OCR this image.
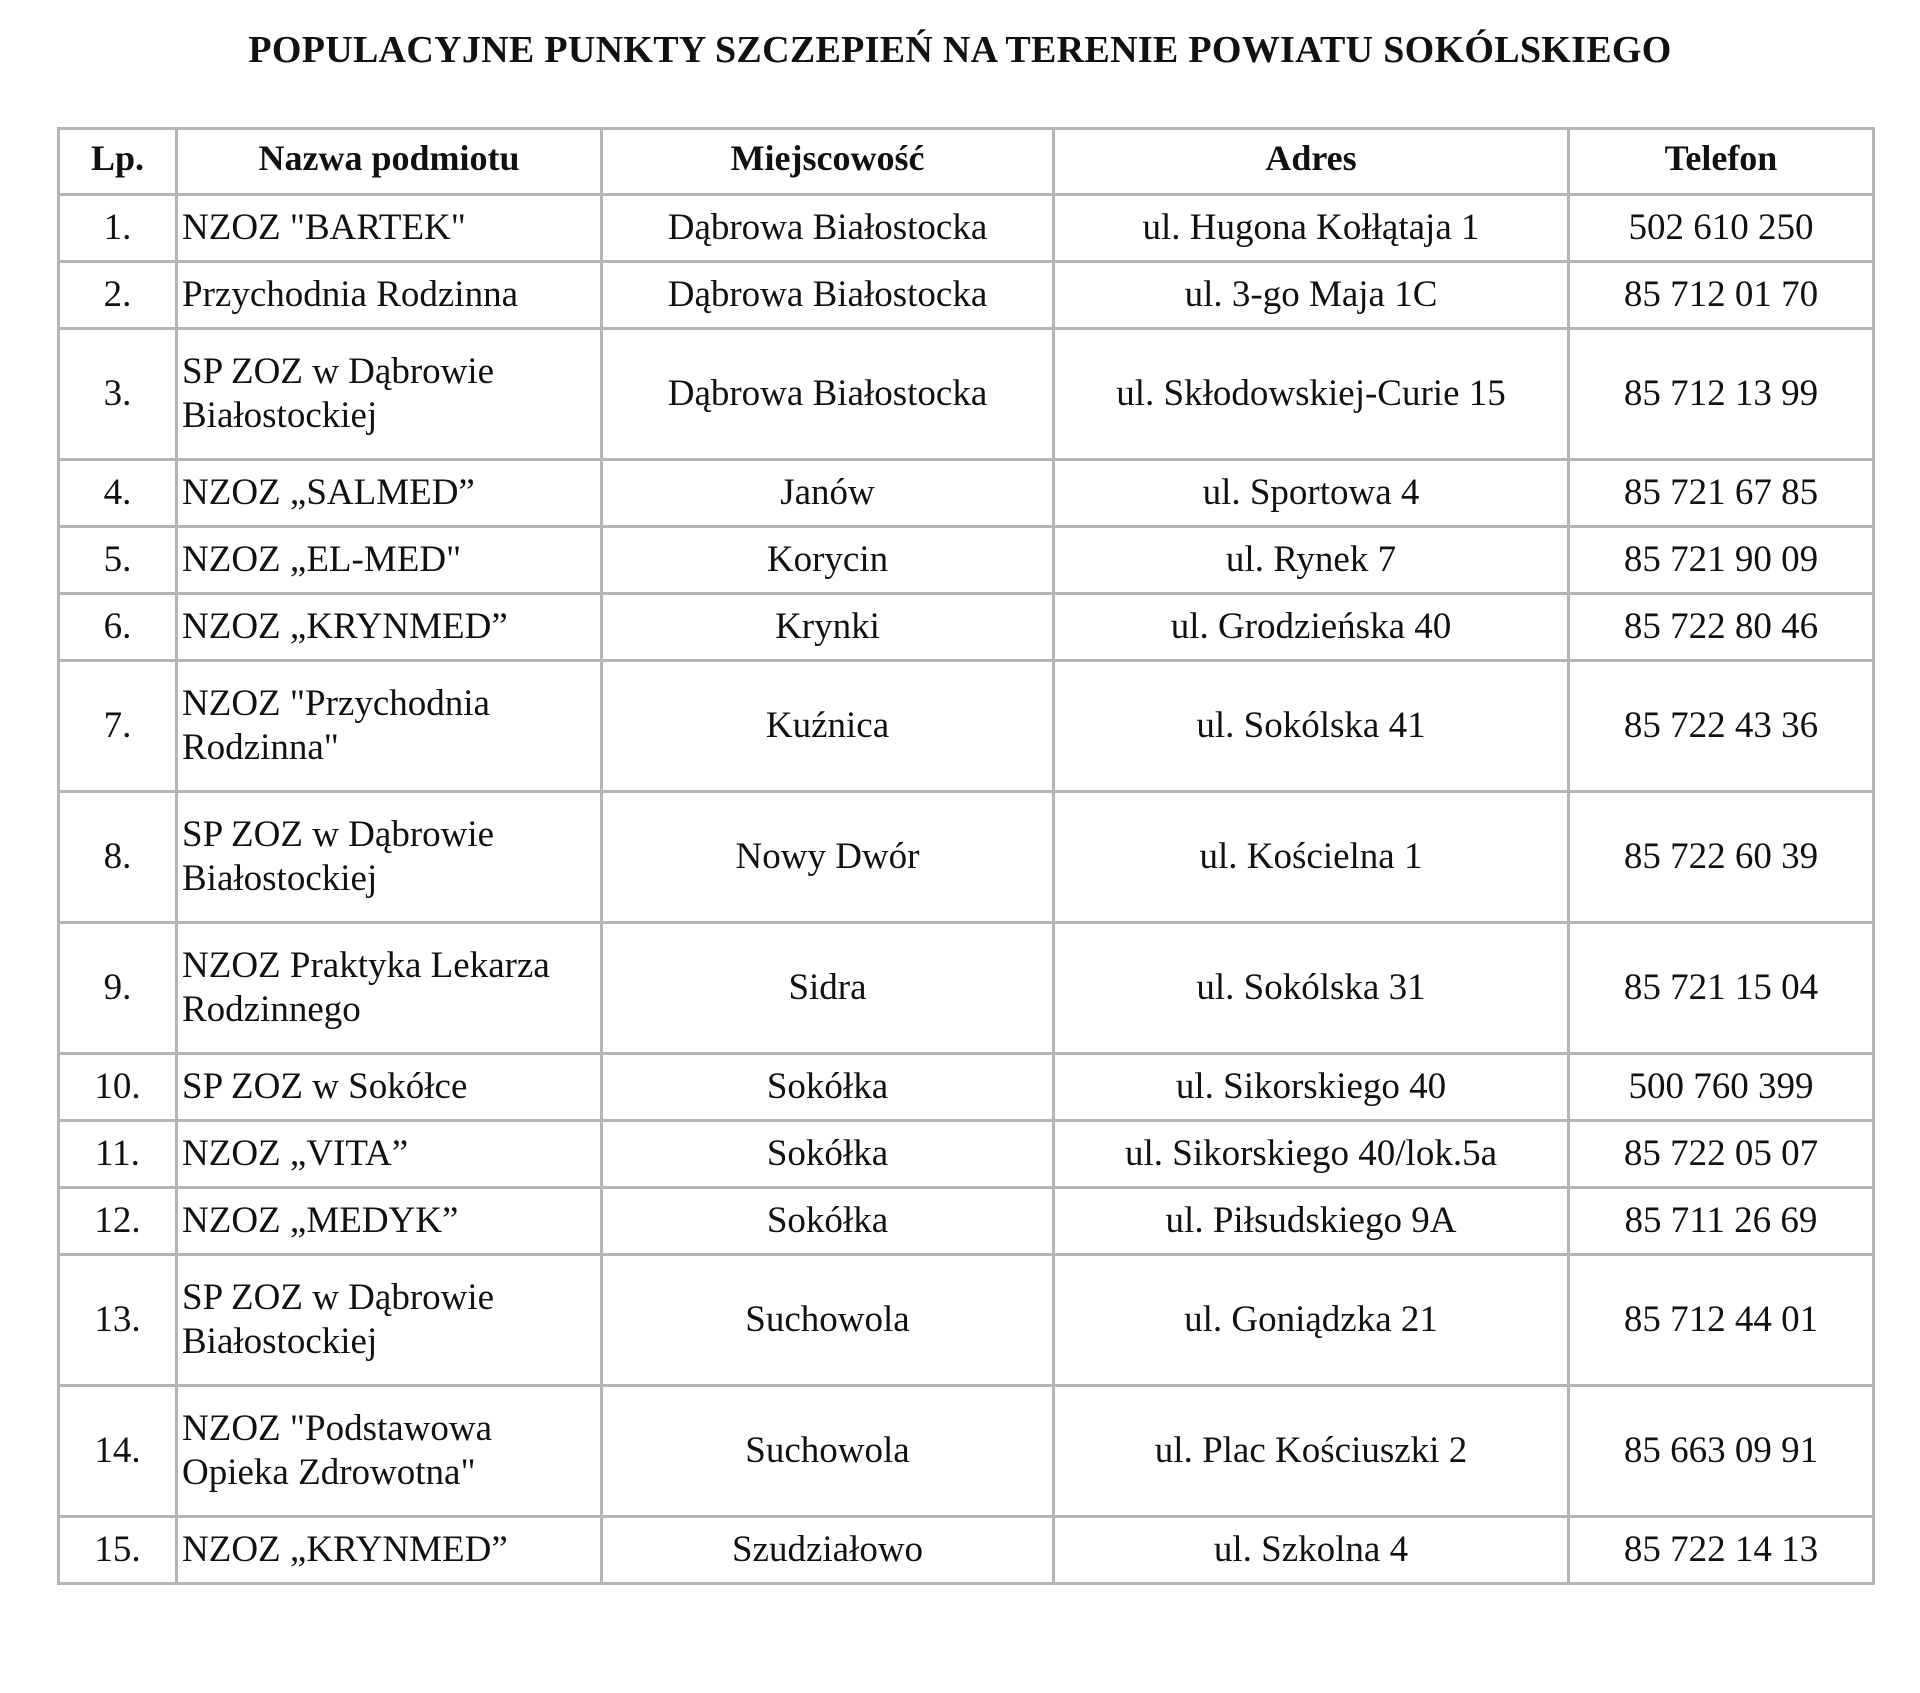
POPULACYJNE PUNKTY SZCZEPIEŃ NA TERENIE POWIATU SOKÓLSKIEGO
Lp.	Nazwa podmiotu	Miejscowość	Adres	Telefon
1.	NZOZ "BARTEK"	Dąbrowa Białostocka	ul. Hugona Kołłątaja 1	502 610 250
2.	Przychodnia Rodzinna	Dąbrowa Białostocka	ul. 3-go Maja 1C	85 712 01 70
3.	SP ZOZ w Dąbrowie Białostockiej	Dąbrowa Białostocka	ul. Skłodowskiej-Curie 15	85 712 13 99
4.	NZOZ „SALMED”	Janów	ul. Sportowa 4	85 721 67 85
5.	NZOZ „EL-MED"	Korycin	ul. Rynek 7	85 721 90 09
6.	NZOZ „KRYNMED”	Krynki	ul. Grodzieńska 40	85 722 80 46
7.	NZOZ "Przychodnia Rodzinna"	Kuźnica	ul. Sokólska 41	85 722 43 36
8.	SP ZOZ w Dąbrowie Białostockiej	Nowy Dwór	ul. Kościelna 1	85 722 60 39
9.	NZOZ Praktyka Lekarza Rodzinnego	Sidra	ul. Sokólska 31	85 721 15 04
10.	SP ZOZ w Sokółce	Sokółka	ul. Sikorskiego 40	500 760 399
11.	NZOZ „VITA”	Sokółka	ul. Sikorskiego 40/lok.5a	85 722 05 07
12.	NZOZ „MEDYK”	Sokółka	ul. Piłsudskiego 9A	85 711 26 69
13.	SP ZOZ w Dąbrowie Białostockiej	Suchowola	ul. Goniądzka 21	85 712 44 01
14.	NZOZ "Podstawowa Opieka Zdrowotna"	Suchowola	ul. Plac Kościuszki 2	85 663 09 91
15.	NZOZ „KRYNMED”	Szudziałowo	ul. Szkolna 4	85 722 14 13
